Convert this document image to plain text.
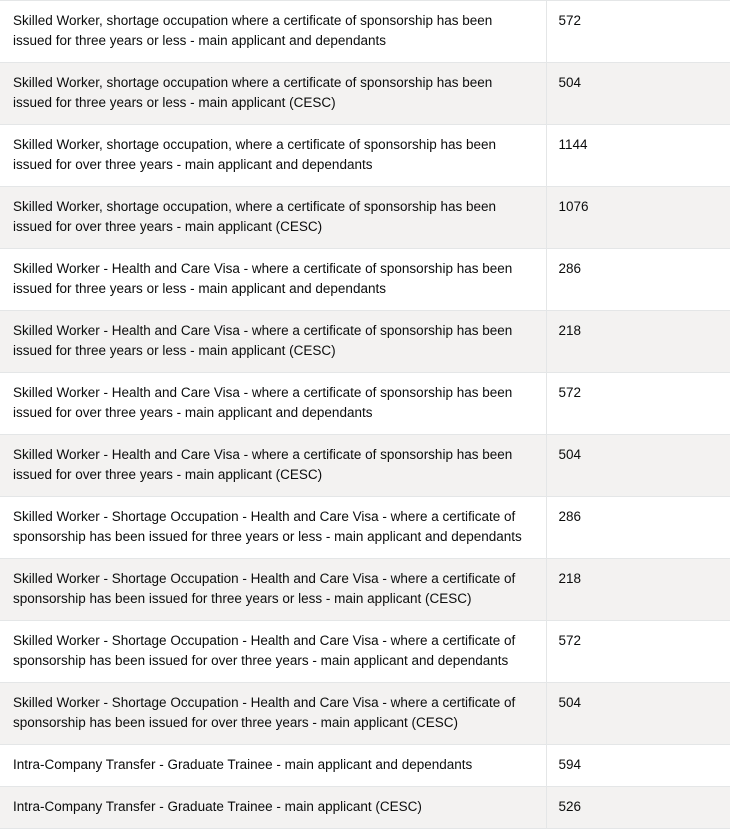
Skilled Worker, shortage occupation where a certificate of sponsorship has been issued for three years or less - main applicant and dependants	572
Skilled Worker, shortage occupation where a certificate of sponsorship has been issued for three years or less - main applicant (CESC)	504
Skilled Worker, shortage occupation, where a certificate of sponsorship has been issued for over three years - main applicant and dependants	1144
Skilled Worker, shortage occupation, where a certificate of sponsorship has been issued for over three years - main applicant (CESC)	1076
Skilled Worker - Health and Care Visa - where a certificate of sponsorship has been issued for three years or less - main applicant and dependants	286
Skilled Worker - Health and Care Visa - where a certificate of sponsorship has been issued for three years or less - main applicant (CESC)	218
Skilled Worker - Health and Care Visa - where a certificate of sponsorship has been issued for over three years - main applicant and dependants	572
Skilled Worker - Health and Care Visa - where a certificate of sponsorship has been issued for over three years - main applicant (CESC)	504
Skilled Worker - Shortage Occupation - Health and Care Visa - where a certificate of sponsorship has been issued for three years or less - main applicant and dependants	286
Skilled Worker - Shortage Occupation - Health and Care Visa - where a certificate of sponsorship has been issued for three years or less - main applicant (CESC)	218
Skilled Worker - Shortage Occupation - Health and Care Visa - where a certificate of sponsorship has been issued for over three years - main applicant and dependants	572
Skilled Worker - Shortage Occupation - Health and Care Visa - where a certificate of sponsorship has been issued for over three years - main applicant (CESC)	504
Intra-Company Transfer - Graduate Trainee - main applicant and dependants	594
Intra-Company Transfer - Graduate Trainee - main applicant (CESC)	526
